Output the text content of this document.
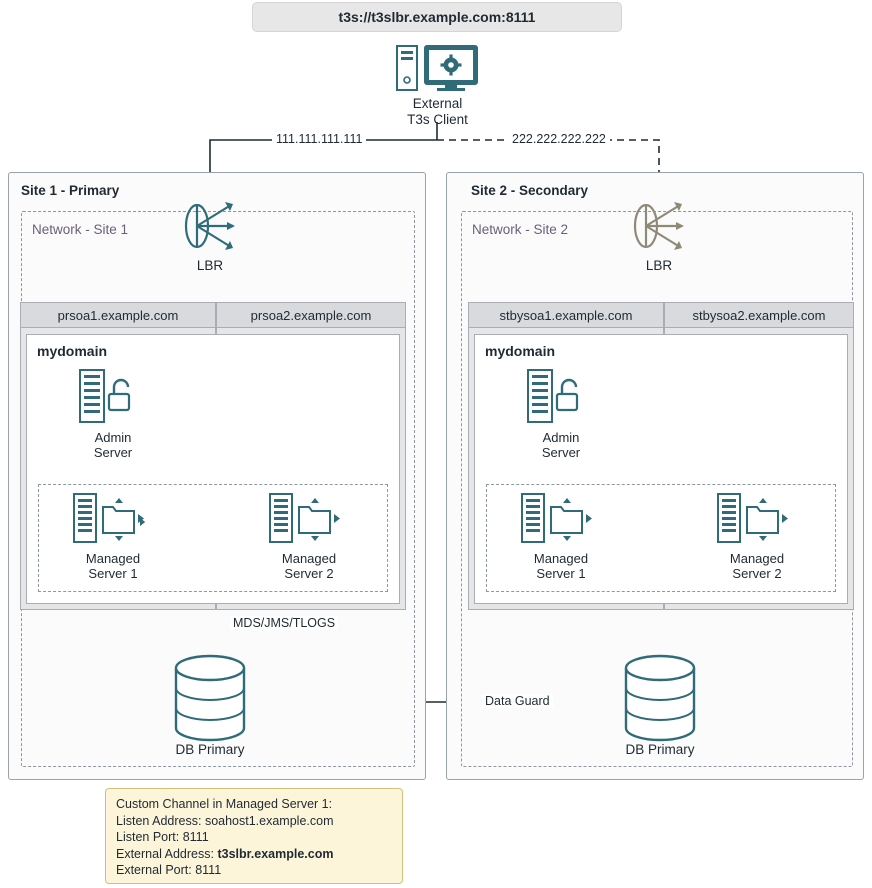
t3s://t3slbr.example.com:8111
External
T3s Client
111.111.111.111	222.222.222.222
Site 1 - Primary
Network - Site 1
prsoa1.example.com	prsoa2.example.com
mydomain
LBR
Admin
Server
Managed
Server 1
Managed
Server 2
MDS/JMS/TLOGS
DB Primary
Site 2 - Secondary
Network - Site 2
stbysoa1.example.com	stbysoa2.example.com
mydomain
LBR
Admin
Server
Managed
Server 1
Managed
Server 2
Data Guard
DB Primary
Custom Channel in Managed Server 1:
Listen Address: soahost1.example.com
Listen Port: 8111
External Address: t3slbr.example.com
External Port: 8111
